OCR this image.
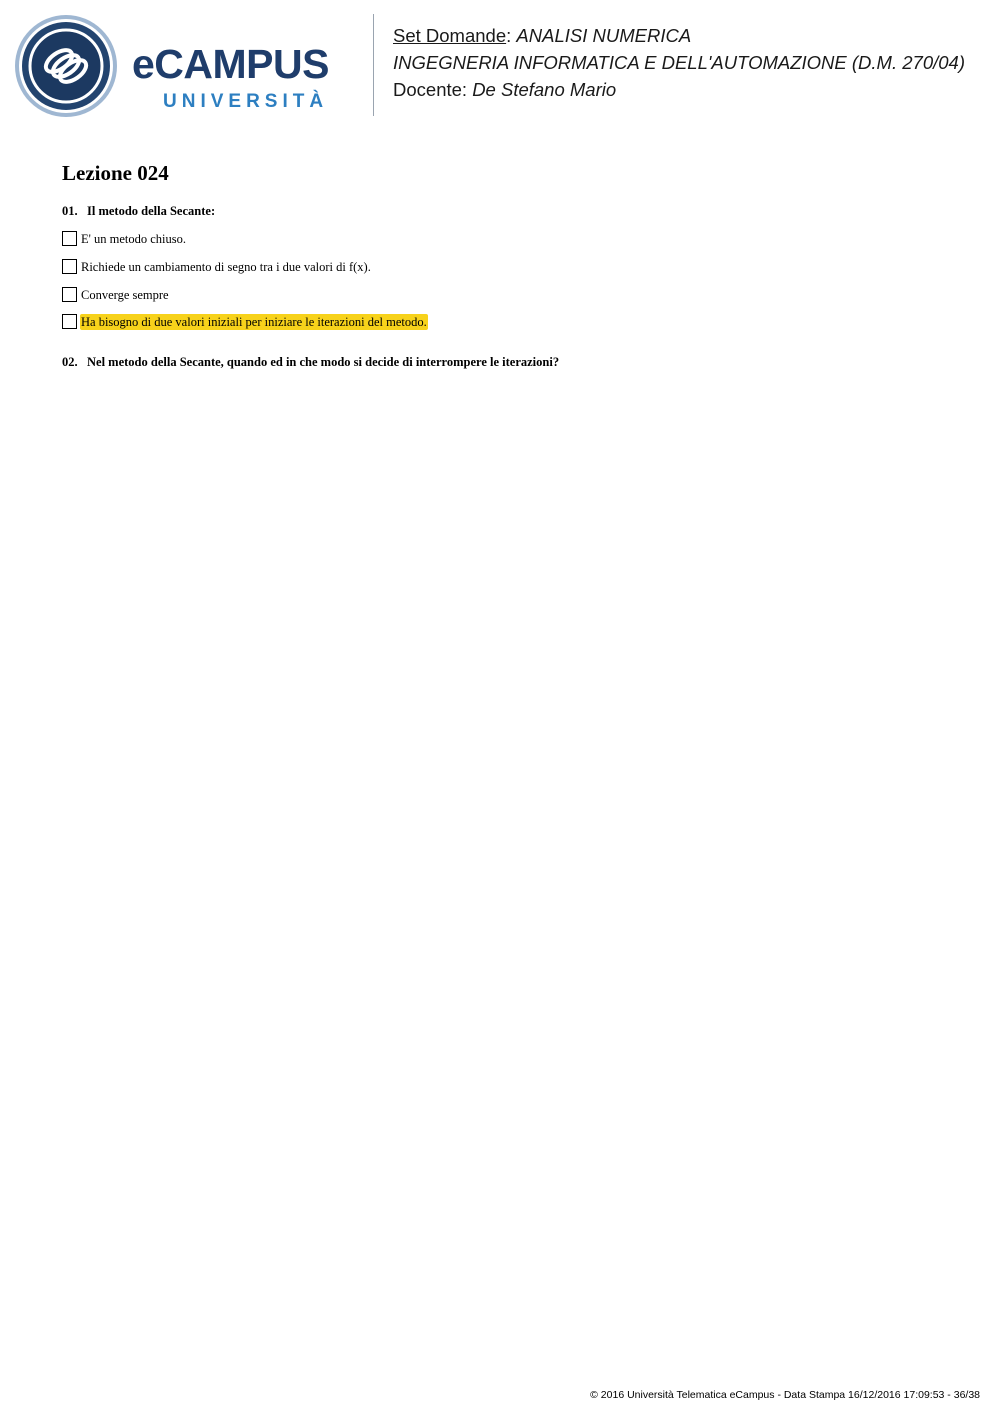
eCAMPUS
UNIVERSITÀ
Set Domande: ANALISI NUMERICA
INGEGNERIA INFORMATICA E DELL'AUTOMAZIONE (D.M. 270/04)
Docente: De Stefano Mario
Lezione 024
01. Il metodo della Secante:
E' un metodo chiuso.
Richiede un cambiamento di segno tra i due valori di f(x).
Converge sempre
Ha bisogno di due valori iniziali per iniziare le iterazioni del metodo.
02. Nel metodo della Secante, quando ed in che modo si decide di interrompere le iterazioni?
© 2016 Università Telematica eCampus - Data Stampa 16/12/2016 17:09:53 - 36/38
